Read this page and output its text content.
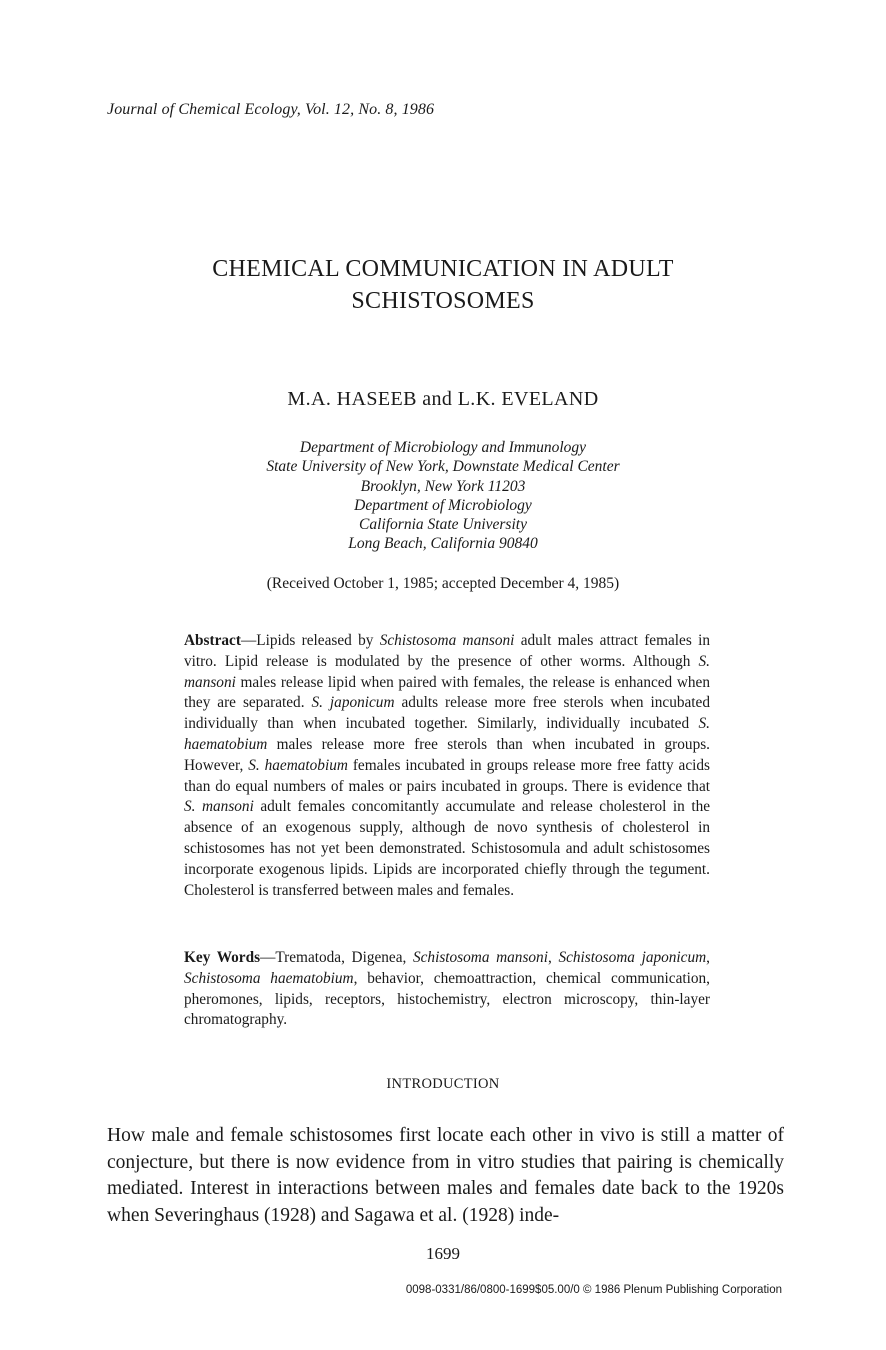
Journal of Chemical Ecology, Vol. 12, No. 8, 1986
CHEMICAL COMMUNICATION IN ADULT
SCHISTOSOMES
M.A. HASEEB and L.K. EVELAND
Department of Microbiology and Immunology
State University of New York, Downstate Medical Center
Brooklyn, New York 11203
Department of Microbiology
California State University
Long Beach, California 90840
(Received October 1, 1985; accepted December 4, 1985)

Abstract—Lipids released by Schistosoma mansoni adult males attract females in vitro. Lipid release is modulated by the presence of other worms. Although S. mansoni males release lipid when paired with females, the release is enhanced when they are separated. S. japonicum adults release more free sterols when incubated individually than when incubated together. Similarly, individually incubated S. haematobium males release more free sterols than when incubated in groups. However, S. haematobium females incubated in groups release more free fatty acids than do equal numbers of males or pairs incubated in groups. There is evidence that S. mansoni adult females concomitantly accumulate and release cholesterol in the absence of an exogenous supply, although de novo synthesis of cholesterol in schistosomes has not yet been demonstrated. Schistosomula and adult schistosomes incorporate exogenous lipids. Lipids are incorporated chiefly through the tegument. Cholesterol is transferred between males and females.

Key Words—Trematoda, Digenea, Schistosoma mansoni, Schistosoma japonicum, Schistosoma haematobium, behavior, chemoattraction, chemical communication, pheromones, lipids, receptors, histochemistry, electron microscopy, thin-layer chromatography.

INTRODUCTION
How male and female schistosomes first locate each other in vivo is still a matter of conjecture, but there is now evidence from in vitro studies that pairing is chemically mediated. Interest in interactions between males and females date back to the 1920s when Severinghaus (1928) and Sagawa et al. (1928) inde-
1699
0098-0331/86/0800-1699$05.00/0 © 1986 Plenum Publishing Corporation
